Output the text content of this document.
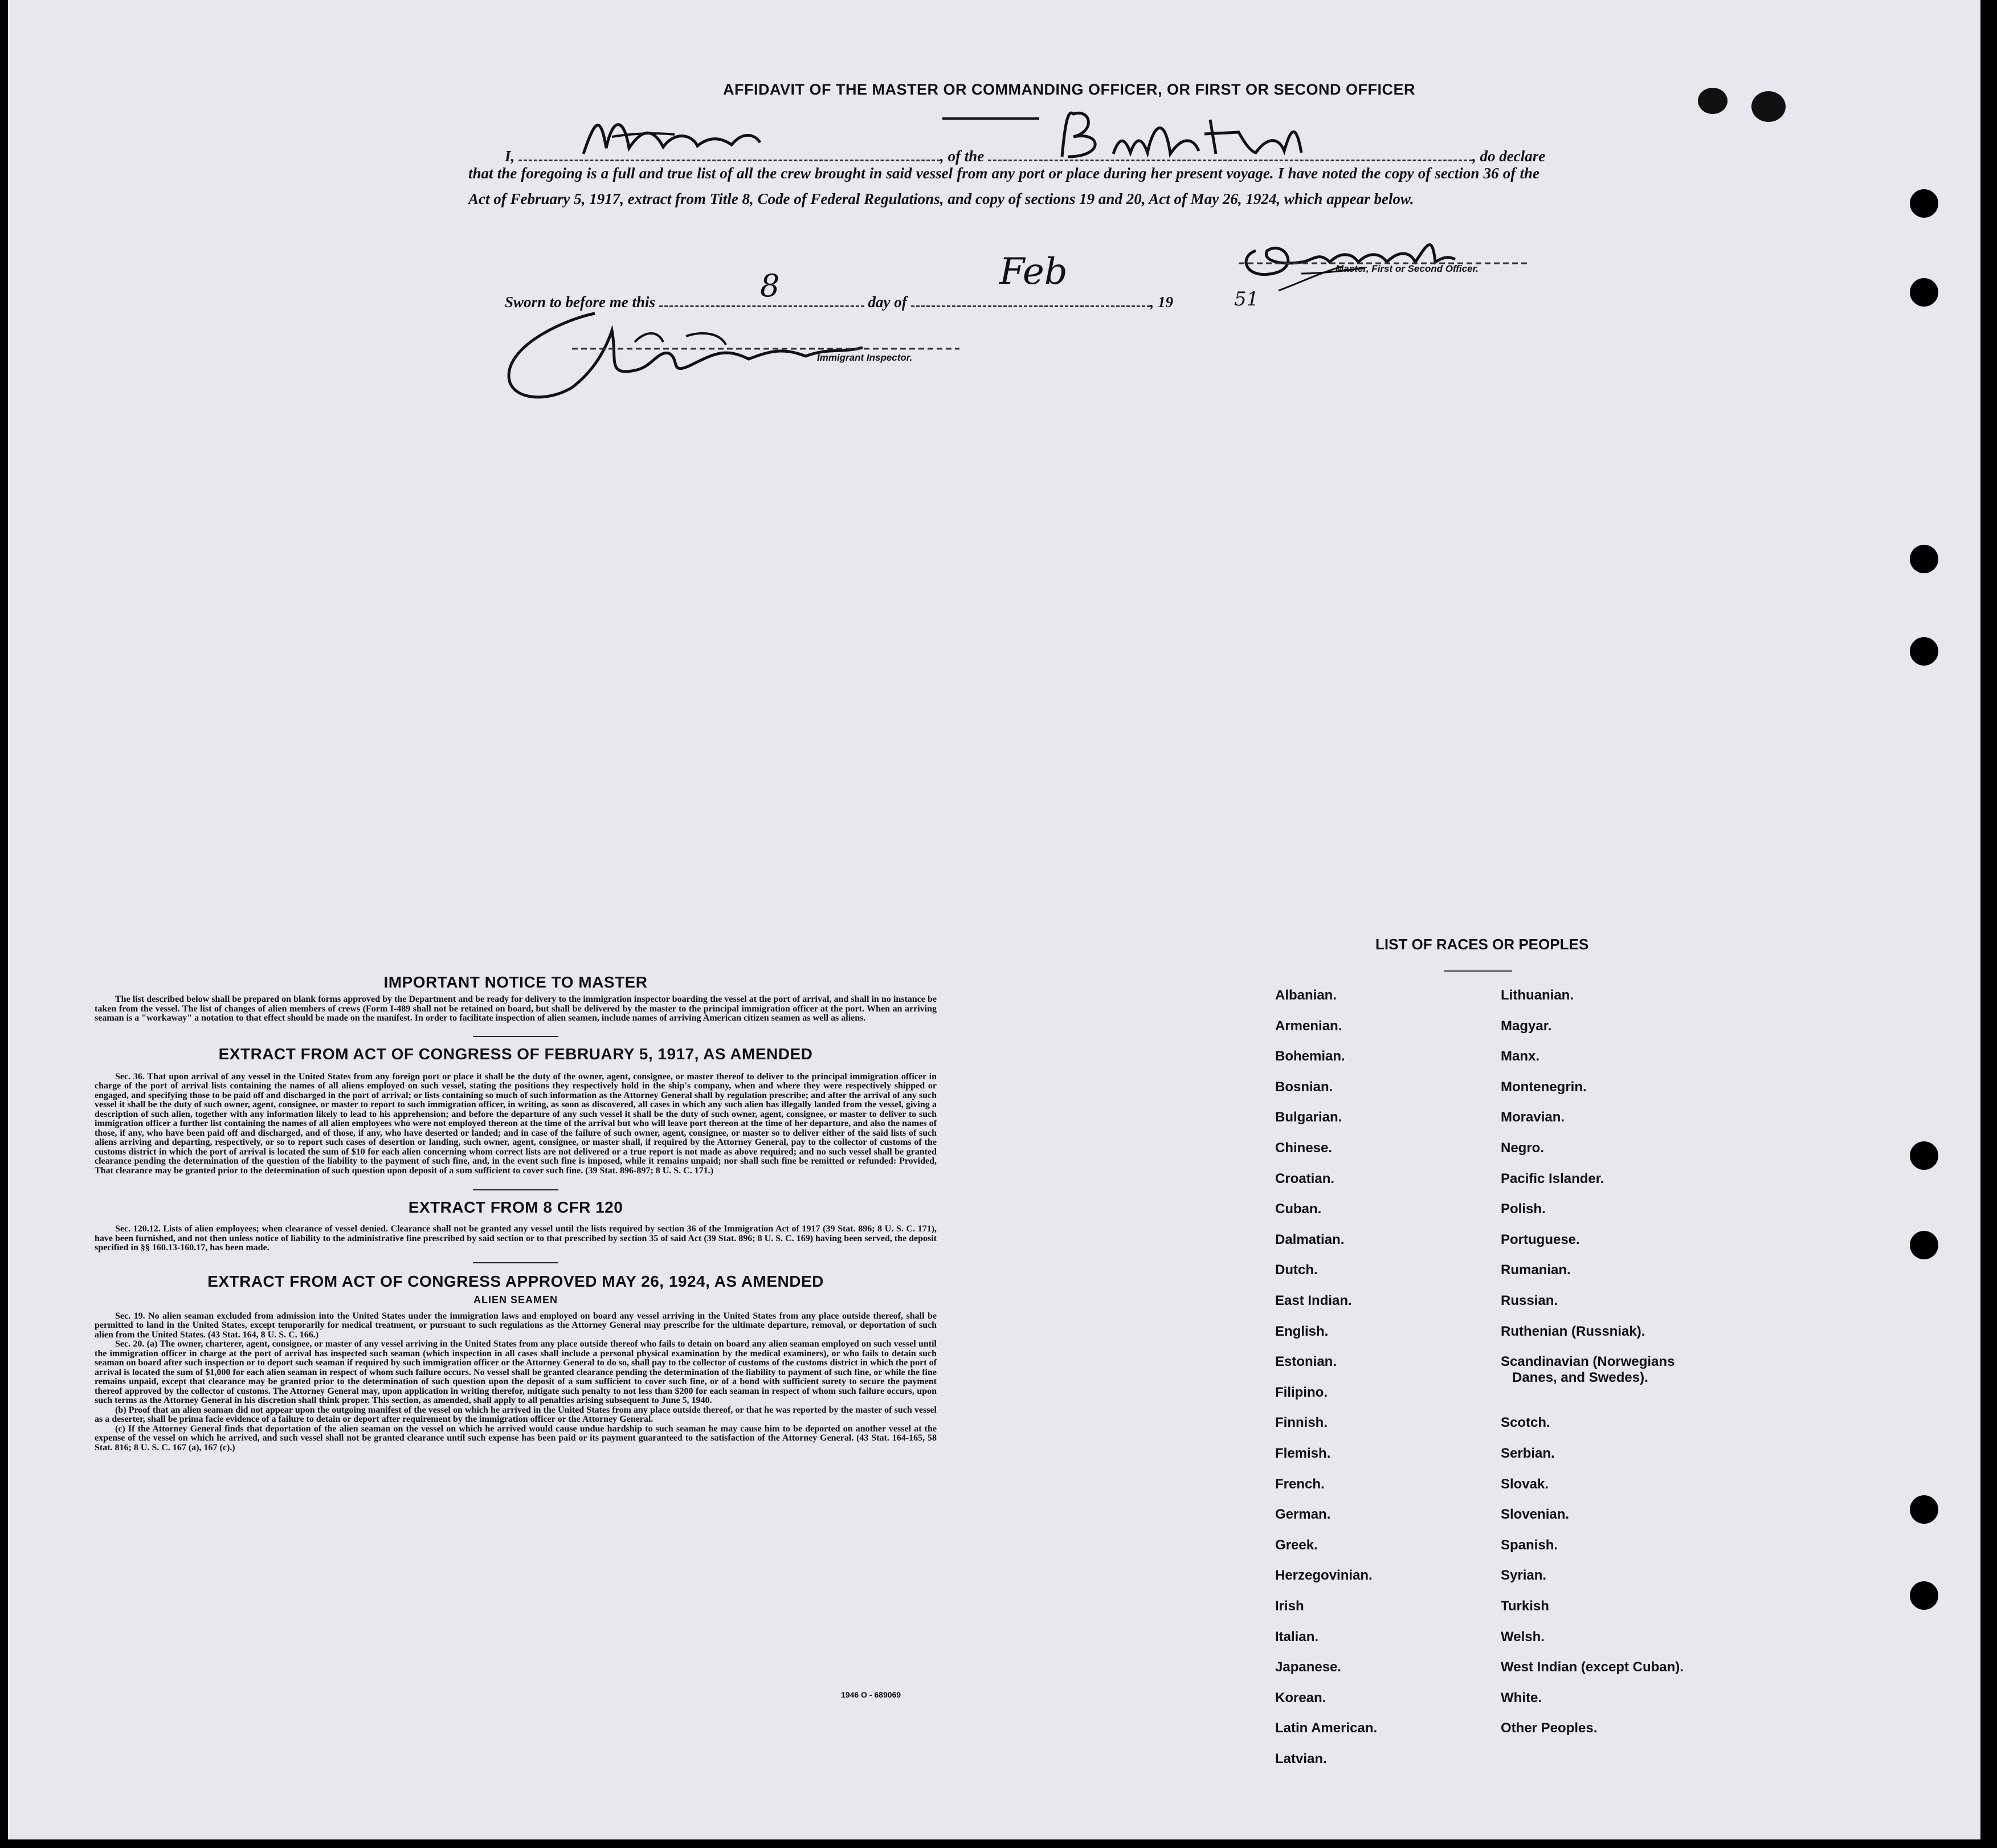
AFFIDAVIT OF THE MASTER OR COMMANDING OFFICER, OR FIRST OR SECOND OFFICER
I,	, of the	, do declare
that the foregoing is a full and true list of all the crew brought in said vessel from any port or place during her present voyage. I have noted the copy of section 36 of the Act of February 5, 1917, extract from Title 8, Code of Federal Regulations, and copy of sections 19 and 20, Act of May 26, 1924, which appear below.
Master, First or Second Officer.
Sworn to before me this	day of	, 19
8	Feb
51
Immigrant Inspector.

IMPORTANT NOTICE TO MASTER

The list described below shall be prepared on blank forms approved by the Department and be ready for delivery to the immigration inspector boarding the vessel at the port of arrival, and shall in no instance be taken from the vessel. The list of changes of alien members of crews (Form I-489 shall not be retained on board, but shall be delivered by the master to the principal immigration officer at the port. When an arriving seaman is a "workaway" a notation to that effect should be made on the manifest. In order to facilitate inspection of alien seamen, include names of arriving American citizen seamen as well as aliens.

EXTRACT FROM ACT OF CONGRESS OF FEBRUARY 5, 1917, AS AMENDED

Sec. 36. That upon arrival of any vessel in the United States from any foreign port or place it shall be the duty of the owner, agent, consignee, or master thereof to deliver to the principal immigration officer in charge of the port of arrival lists containing the names of all aliens employed on such vessel, stating the positions they respectively hold in the ship's company, when and where they were respectively shipped or engaged, and specifying those to be paid off and discharged in the port of arrival; or lists containing so much of such information as the Attorney General shall by regulation prescribe; and after the arrival of any such vessel it shall be the duty of such owner, agent, consignee, or master to report to such immigration officer, in writing, as soon as discovered, all cases in which any such alien has illegally landed from the vessel, giving a description of such alien, together with any information likely to lead to his apprehension; and before the departure of any such vessel it shall be the duty of such owner, agent, consignee, or master to deliver to such immigration officer a further list containing the names of all alien employees who were not employed thereon at the time of the arrival but who will leave port thereon at the time of her departure, and also the names of those, if any, who have been paid off and discharged, and of those, if any, who have deserted or landed; and in case of the failure of such owner, agent, consignee, or master so to deliver either of the said lists of such aliens arriving and departing, respectively, or so to report such cases of desertion or landing, such owner, agent, consignee, or master shall, if required by the Attorney General, pay to the collector of customs of the customs district in which the port of arrival is located the sum of $10 for each alien concerning whom correct lists are not delivered or a true report is not made as above required; and no such vessel shall be granted clearance pending the determination of the question of the liability to the payment of such fine, and, in the event such fine is imposed, while it remains unpaid; nor shall such fine be remitted or refunded: Provided, That clearance may be granted prior to the determination of such question upon deposit of a sum sufficient to cover such fine. (39 Stat. 896-897; 8 U. S. C. 171.)

EXTRACT FROM 8 CFR 120

Sec. 120.12. Lists of alien employees; when clearance of vessel denied. Clearance shall not be granted any vessel until the lists required by section 36 of the Immigration Act of 1917 (39 Stat. 896; 8 U. S. C. 171), have been furnished, and not then unless notice of liability to the administrative fine prescribed by said section or to that prescribed by section 35 of said Act (39 Stat. 896; 8 U. S. C. 169) having been served, the deposit specified in §§ 160.13-160.17, has been made.

EXTRACT FROM ACT OF CONGRESS APPROVED MAY 26, 1924, AS AMENDED

ALIEN SEAMEN

Sec. 19. No alien seaman excluded from admission into the United States under the immigration laws and employed on board any vessel arriving in the United States from any place outside thereof, shall be permitted to land in the United States, except temporarily for medical treatment, or pursuant to such regulations as the Attorney General may prescribe for the ultimate departure, removal, or deportation of such alien from the United States. (43 Stat. 164, 8 U. S. C. 166.)

Sec. 20. (a) The owner, charterer, agent, consignee, or master of any vessel arriving in the United States from any place outside thereof who fails to detain on board any alien seaman employed on such vessel until the immigration officer in charge at the port of arrival has inspected such seaman (which inspection in all cases shall include a personal physical examination by the medical examiners), or who fails to detain such seaman on board after such inspection or to deport such seaman if required by such immigration officer or the Attorney General to do so, shall pay to the collector of customs of the customs district in which the port of arrival is located the sum of $1,000 for each alien seaman in respect of whom such failure occurs. No vessel shall be granted clearance pending the determination of the liability to payment of such fine, or while the fine remains unpaid, except that clearance may be granted prior to the determination of such question upon the deposit of a sum sufficient to cover such fine, or of a bond with sufficient surety to secure the payment thereof approved by the collector of customs. The Attorney General may, upon application in writing therefor, mitigate such penalty to not less than $200 for each seaman in respect of whom such failure occurs, upon such terms as the Attorney General in his discretion shall think proper. This section, as amended, shall apply to all penalties arising subsequent to June 5, 1940.

(b) Proof that an alien seaman did not appear upon the outgoing manifest of the vessel on which he arrived in the United States from any place outside thereof, or that he was reported by the master of such vessel as a deserter, shall be prima facie evidence of a failure to detain or deport after requirement by the immigration officer or the Attorney General.

(c) If the Attorney General finds that deportation of the alien seaman on the vessel on which he arrived would cause undue hardship to such seaman he may cause him to be deported on another vessel at the expense of the vessel on which he arrived, and such vessel shall not be granted clearance until such expense has been paid or its payment guaranteed to the satisfaction of the Attorney General. (43 Stat. 164-165, 58 Stat. 816; 8 U. S. C. 167 (a), 167 (c).)

1946 O - 689069
LIST OF RACES OR PEOPLES
Albanian.
Armenian.
Bohemian.
Bosnian.
Bulgarian.
Chinese.
Croatian.
Cuban.
Dalmatian.
Dutch.
East Indian.
English.
Estonian.
Filipino.
Finnish.
Flemish.
French.
German.
Greek.
Herzegovinian.
Irish
Italian.
Japanese.
Korean.
Latin American.
Latvian.
Lithuanian.
Magyar.
Manx.
Montenegrin.
Moravian.
Negro.
Pacific Islander.
Polish.
Portuguese.
Rumanian.
Russian.
Ruthenian (Russniak).
Scandinavian (Norwegians
Danes, and Swedes).
Scotch.
Serbian.
Slovak.
Slovenian.
Spanish.
Syrian.
Turkish
Welsh.
West Indian (except Cuban).
White.
Other Peoples.
